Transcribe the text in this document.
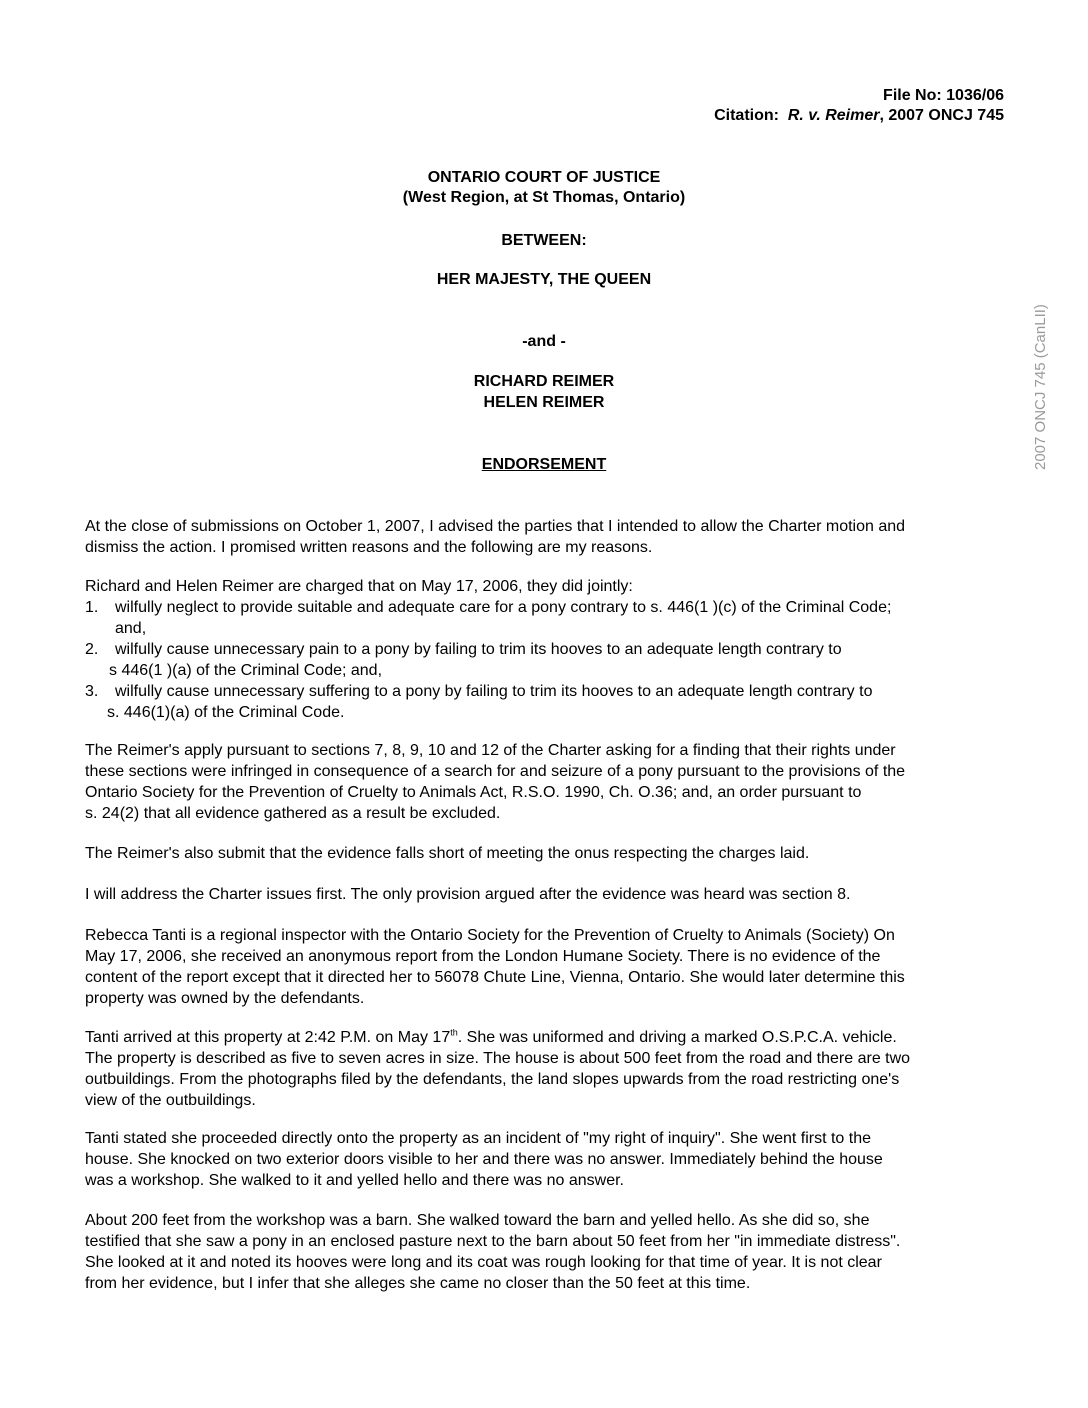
File No: 1036/06
Citation: R. v. Reimer, 2007 ONCJ 745
ONTARIO COURT OF JUSTICE
(West Region, at St Thomas, Ontario)
BETWEEN:
HER MAJESTY, THE QUEEN
-and -
RICHARD REIMER
HELEN REIMER
ENDORSEMENT	2007 ONCJ 745 (CanLII)

At the close of submissions on October 1, 2007, I advised the parties that I intended to allow the Charter motion and

dismiss the action. I promised written reasons and the following are my reasons.

Richard and Helen Reimer are charged that on May 17, 2006, they did jointly:

1. wilfully neglect to provide suitable and adequate care for a pony contrary to s. 446(1 )(c) of the Criminal Code;
and,
2. wilfully cause unnecessary pain to a pony by failing to trim its hooves to an adequate length contrary to
s 446(1 )(a) of the Criminal Code; and,
3. wilfully cause unnecessary suffering to a pony by failing to trim its hooves to an adequate length contrary to
s. 446(1)(a) of the Criminal Code.

The Reimer's apply pursuant to sections 7, 8, 9, 10 and 12 of the Charter asking for a finding that their rights under

these sections were infringed in consequence of a search for and seizure of a pony pursuant to the provisions of the

Ontario Society for the Prevention of Cruelty to Animals Act, R.S.O. 1990, Ch. O.36; and, an order pursuant to

s. 24(2) that all evidence gathered as a result be excluded.

The Reimer's also submit that the evidence falls short of meeting the onus respecting the charges laid.

I will address the Charter issues first. The only provision argued after the evidence was heard was section 8.

Rebecca Tanti is a regional inspector with the Ontario Society for the Prevention of Cruelty to Animals (Society) On

May 17, 2006, she received an anonymous report from the London Humane Society. There is no evidence of the

content of the report except that it directed her to 56078 Chute Line, Vienna, Ontario. She would later determine this

property was owned by the defendants.

Tanti arrived at this property at 2:42 P.M. on May 17th. She was uniformed and driving a marked O.S.P.C.A. vehicle.

The property is described as five to seven acres in size. The house is about 500 feet from the road and there are two

outbuildings. From the photographs filed by the defendants, the land slopes upwards from the road restricting one's

view of the outbuildings.

Tanti stated she proceeded directly onto the property as an incident of "my right of inquiry". She went first to the

house. She knocked on two exterior doors visible to her and there was no answer. Immediately behind the house

was a workshop. She walked to it and yelled hello and there was no answer.

About 200 feet from the workshop was a barn. She walked toward the barn and yelled hello. As she did so, she

testified that she saw a pony in an enclosed pasture next to the barn about 50 feet from her "in immediate distress".

She looked at it and noted its hooves were long and its coat was rough looking for that time of year. It is not clear

from her evidence, but I infer that she alleges she came no closer than the 50 feet at this time.
